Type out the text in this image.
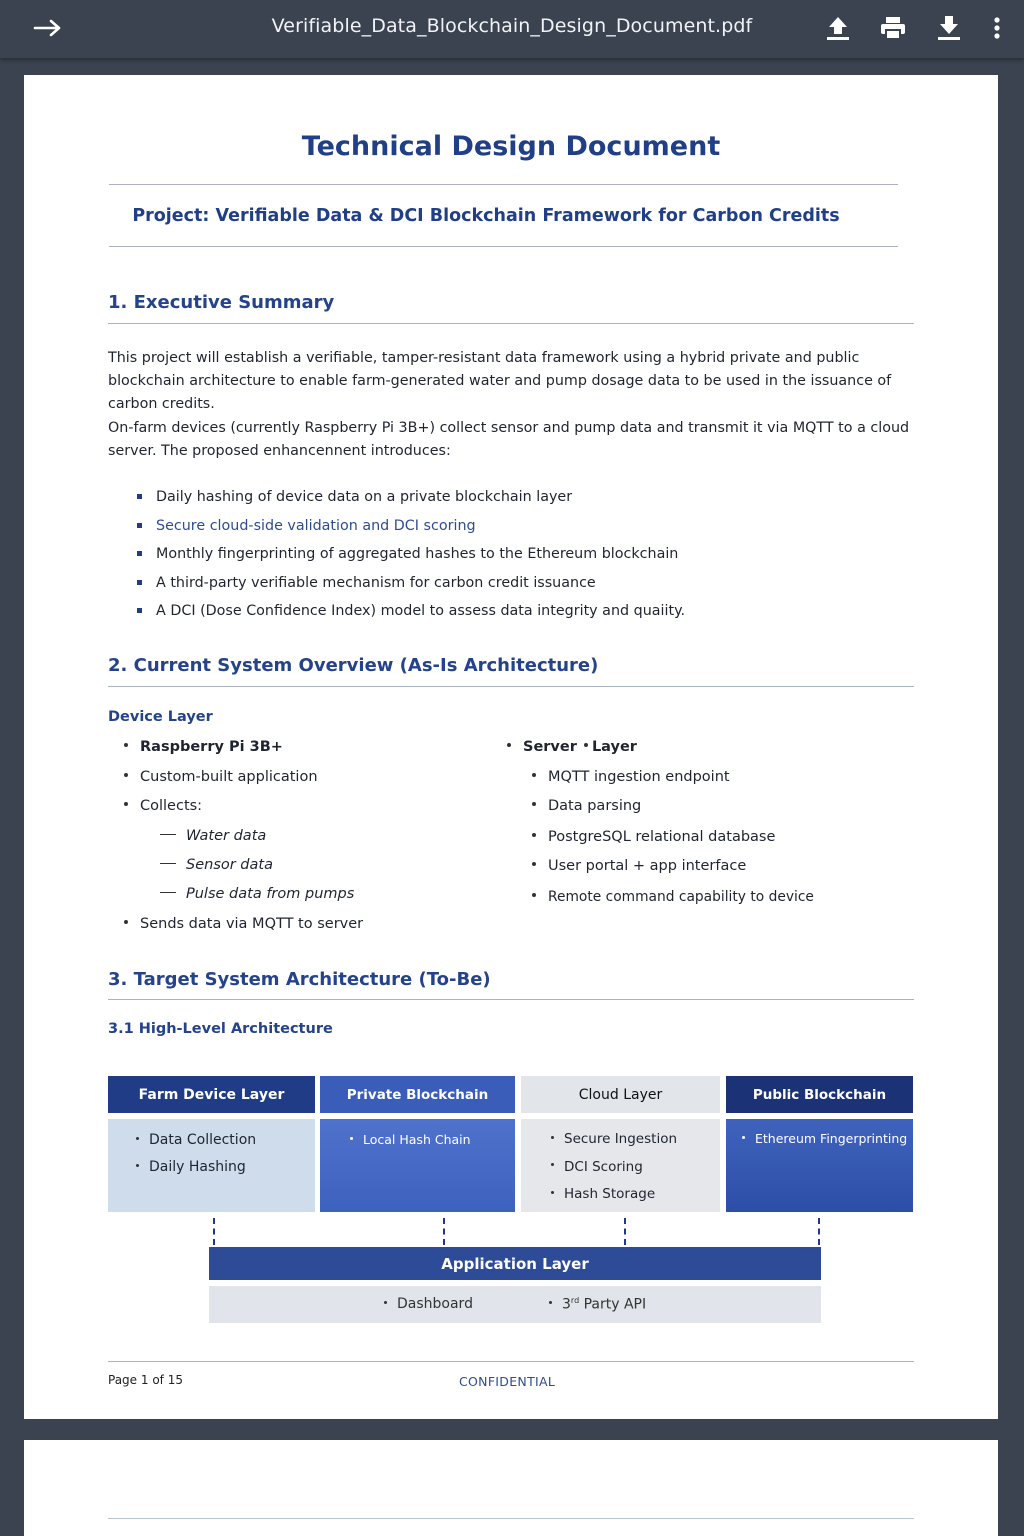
Verifiable_Data_Blockchain_Design_Document.pdf
Technical Design Document
Project: Verifiable Data & DCI Blockchain Framework for Carbon Credits
1. Executive Summary
This project will establish a verifiable, tamper-resistant data framework using a hybrid private and public blockchain architecture to enable farm-generated water and pump dosage data to be used in the issuance of carbon credits.
On-farm devices (currently Raspberry Pi 3B+) collect sensor and pump data and transmit it via MQTT to a cloud server. The proposed enhancennent introduces:
Daily hashing of device data on a private blockchain layer
Secure cloud-side validation and DCI scoring
Monthly fingerprinting of aggregated hashes to the Ethereum blockchain
A third-party verifiable mechanism for carbon credit issuance
A DCI (Dose Confidence Index) model to assess data integrity and quaiity.
2. Current System Overview (As-Is Architecture)
Device Layer
Raspberry Pi 3B+
Custom-built application
Collects:
Water data
Sensor data
Pulse data from pumps
Sends data via MQTT to server
Server Layer
MQTT ingestion endpoint
Data parsing
PostgreSQL relational database
User portal + app interface
Remote command capability to device
3. Target System Architecture (To-Be)
3.1 High-Level Architecture
Farm Device Layer
Data Collection
Daily Hashing
Private Blockchain
Local Hash Chain
Cloud Layer
Secure Ingestion
DCI Scoring
Hash Storage
Public Blockchain
Ethereum Fingerprinting
Application Layer
Dashboard	3rd Party API
Page 1 of 15	CONFIDENTIAL
